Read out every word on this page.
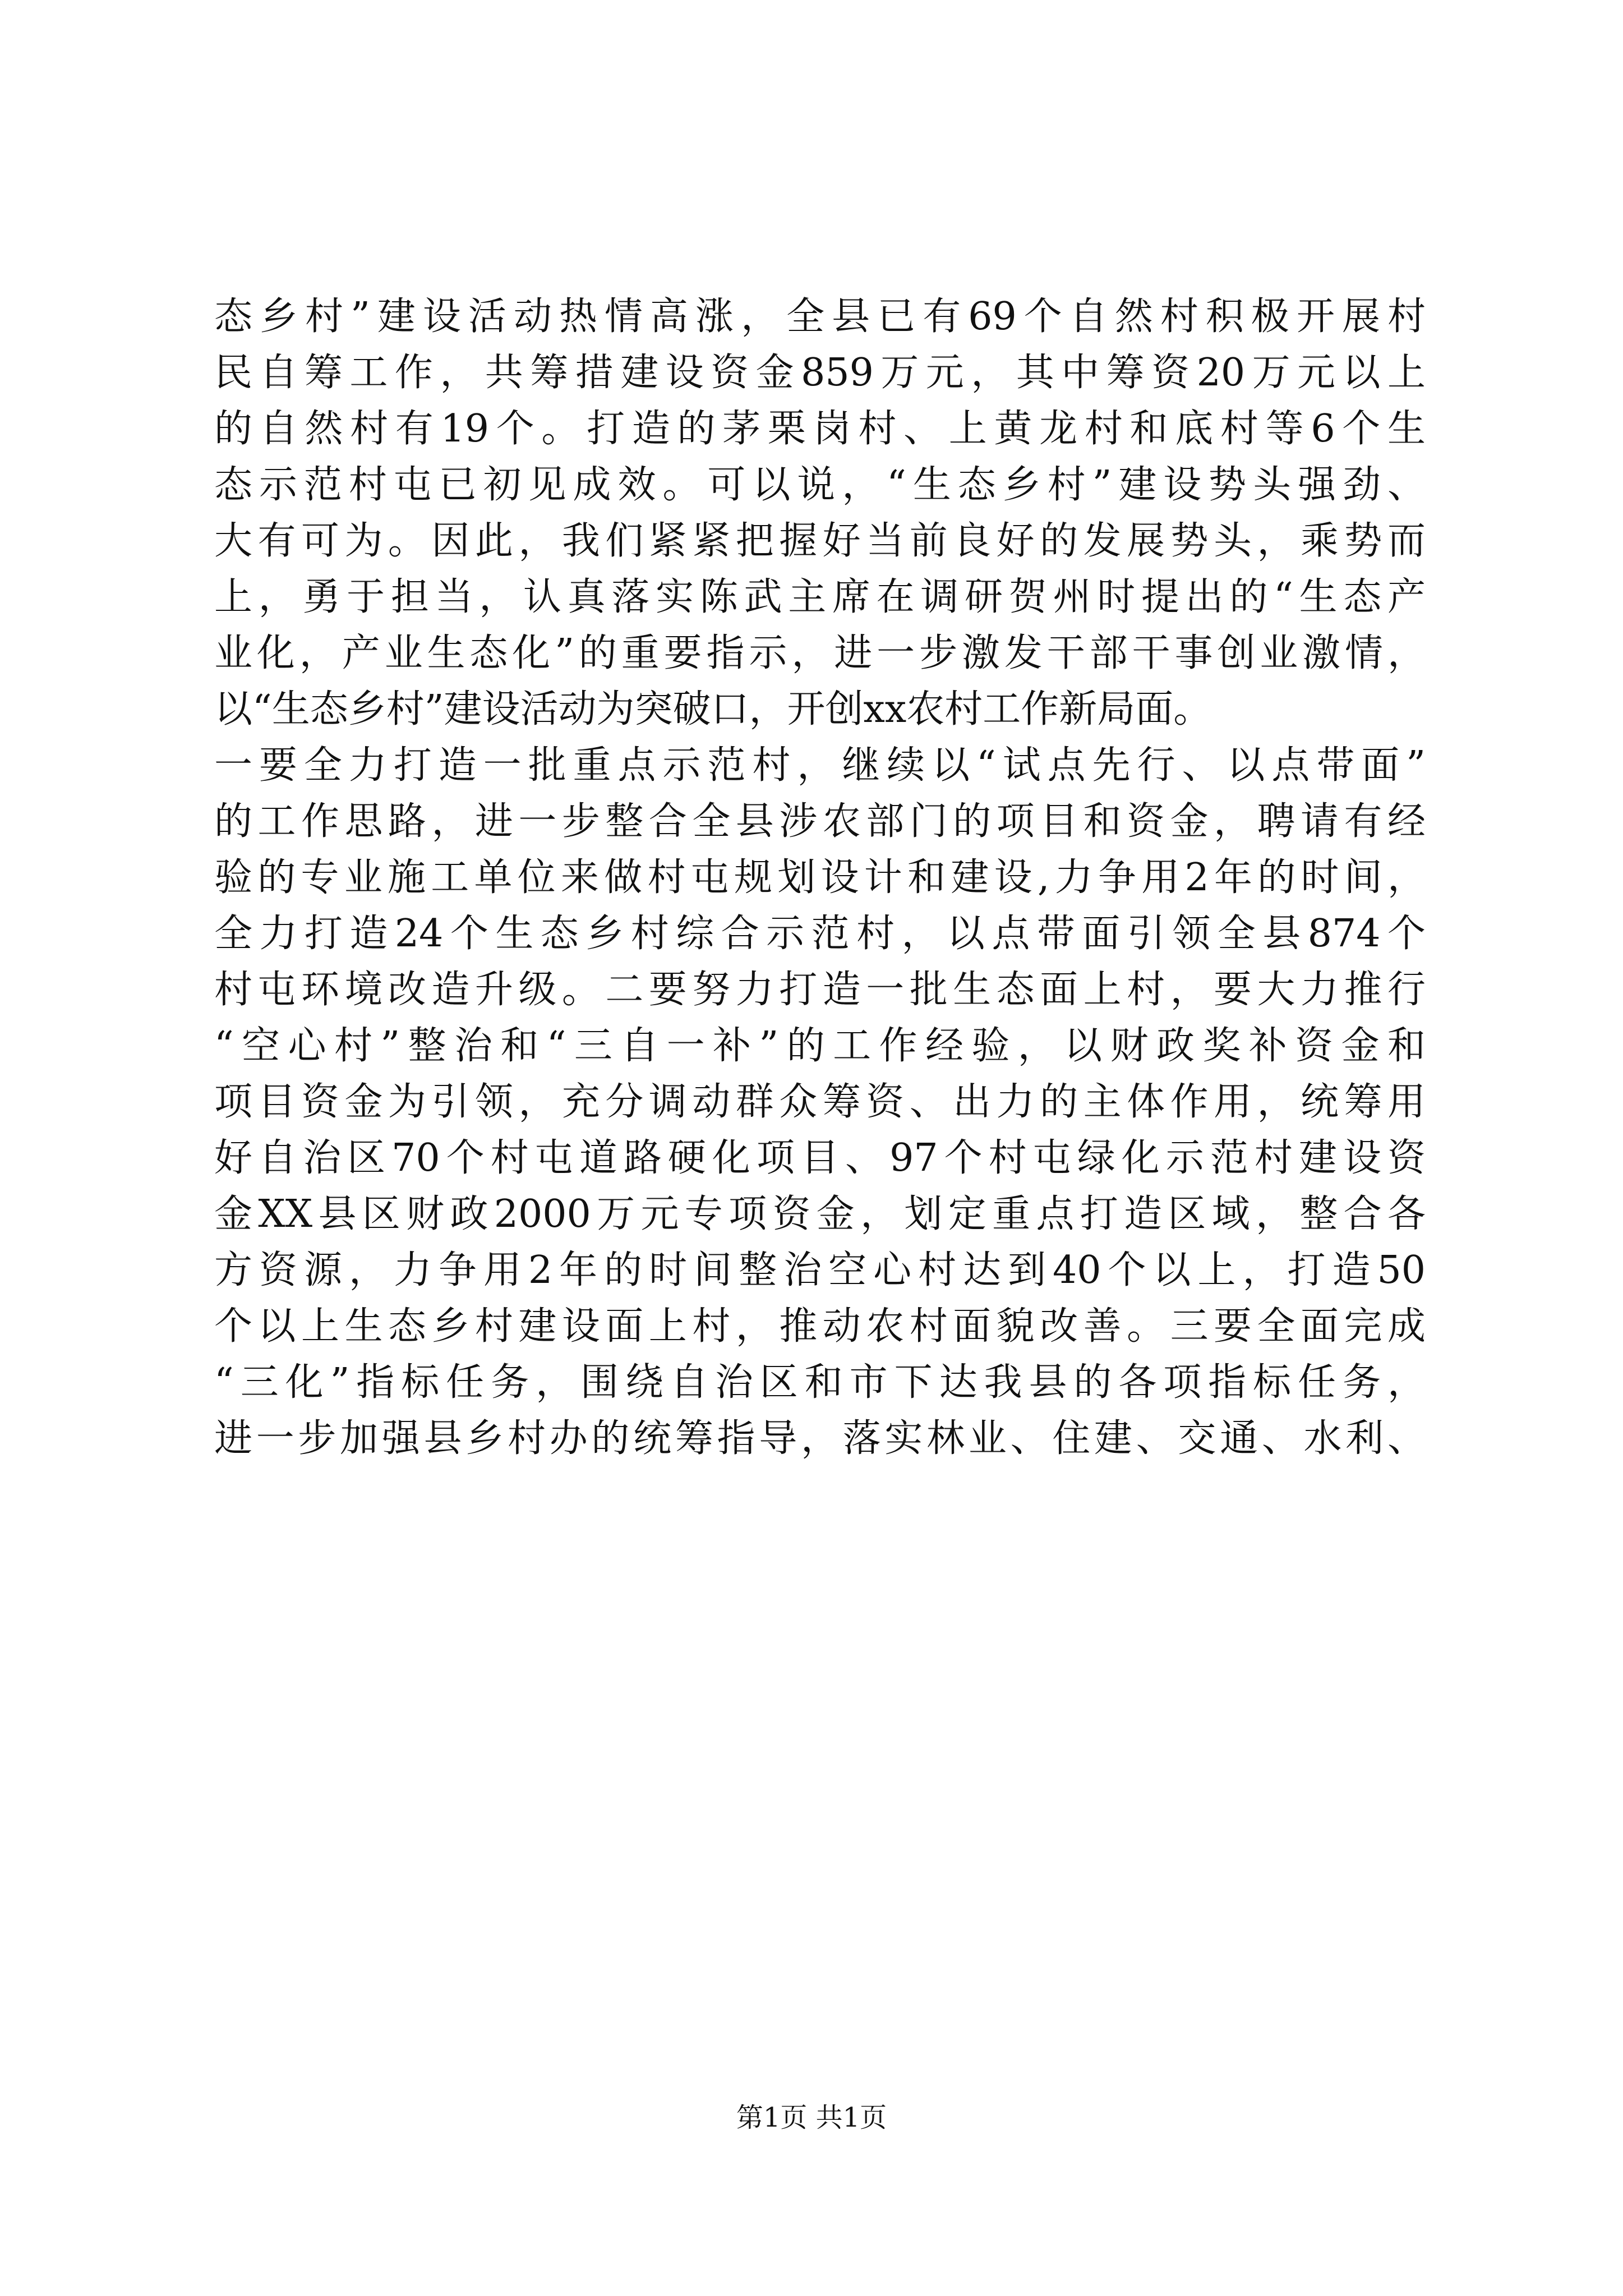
态乡村”建设活动热情高涨，全县已有69个自然村积极开展村
民自筹工作，共筹措建设资金859万元，其中筹资20万元以上
的自然村有19个。打造的茅栗岗村、上黄龙村和底村等6个生
态示范村屯已初见成效。可以说，“生态乡村”建设势头强劲、
大有可为。因此，我们紧紧把握好当前良好的发展势头，乘势而
上，勇于担当，认真落实陈武主席在调研贺州时提出的“生态产
业化，产业生态化”的重要指示，进一步激发干部干事创业激情，
以“生态乡村”建设活动为突破口，开创xx农村工作新局面。
一要全力打造一批重点示范村，继续以“试点先行、以点带面”
的工作思路，进一步整合全县涉农部门的项目和资金，聘请有经
验的专业施工单位来做村屯规划设计和建设,力争用2年的时间，
全力打造24个生态乡村综合示范村，以点带面引领全县874个
村屯环境改造升级。二要努力打造一批生态面上村，要大力推行
“空心村”整治和“三自一补”的工作经验，以财政奖补资金和
项目资金为引领，充分调动群众筹资、出力的主体作用，统筹用
好自治区70个村屯道路硬化项目、97个村屯绿化示范村建设资
金XX县区财政2000万元专项资金，划定重点打造区域，整合各
方资源，力争用2年的时间整治空心村达到40个以上，打造50
个以上生态乡村建设面上村，推动农村面貌改善。三要全面完成
“三化”指标任务，围绕自治区和市下达我县的各项指标任务，
进一步加强县乡村办的统筹指导，落实林业、住建、交通、水利、
第1页 共1页
